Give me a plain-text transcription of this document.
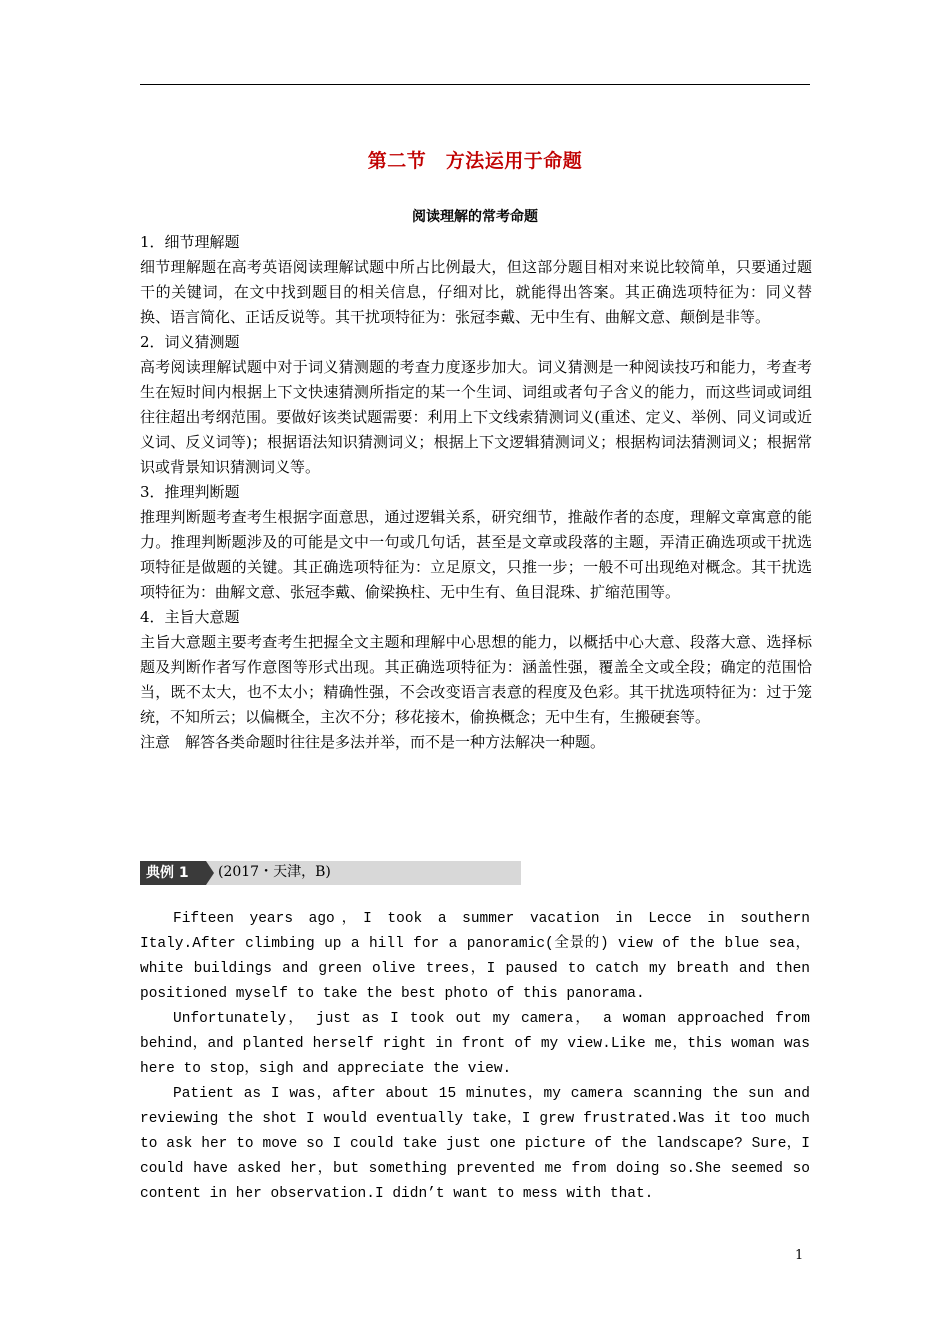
第二节　方法运用于命题
阅读理解的常考命题

1．细节理解题

细节理解题在高考英语阅读理解试题中所占比例最大，但这部分题目相对来说比较简单，只要通过题干的关键词，在文中找到题目的相关信息，仔细对比，就能得出答案。其正确选项特征为：同义替换、语言简化、正话反说等。其干扰项特征为：张冠李戴、无中生有、曲解文意、颠倒是非等。

2．词义猜测题

高考阅读理解试题中对于词义猜测题的考查力度逐步加大。词义猜测是一种阅读技巧和能力，考查考生在短时间内根据上下文快速猜测所指定的某一个生词、词组或者句子含义的能力，而这些词或词组往往超出考纲范围。要做好该类试题需要：利用上下文线索猜测词义(重述、定义、举例、同义词或近义词、反义词等)；根据语法知识猜测词义；根据上下文逻辑猜测词义；根据构词法猜测词义；根据常识或背景知识猜测词义等。

3．推理判断题

推理判断题考查考生根据字面意思，通过逻辑关系，研究细节，推敲作者的态度，理解文章寓意的能力。推理判断题涉及的可能是文中一句或几句话，甚至是文章或段落的主题，弄清正确选项或干扰选项特征是做题的关键。其正确选项特征为：立足原文，只推一步；一般不可出现绝对概念。其干扰选项特征为：曲解文意、张冠李戴、偷梁换柱、无中生有、鱼目混珠、扩缩范围等。

4．主旨大意题

主旨大意题主要考查考生把握全文主题和理解中心思想的能力，以概括中心大意、段落大意、选择标题及判断作者写作意图等形式出现。其正确选项特征为：涵盖性强，覆盖全文或全段；确定的范围恰当，既不太大，也不太小；精确性强，不会改变语言表意的程度及色彩。其干扰选项特征为：过于笼统，不知所云；以偏概全，主次不分；移花接木，偷换概念；无中生有，生搬硬套等。

注意　解答各类命题时往往是多法并举，而不是一种方法解决一种题。

典例 1	(2017・天津，B)

Fifteen years ago，I took a summer vacation in Lecce in southern Italy.After climbing up a hill for a panoramic(全景的) view of the blue sea，white buildings and green olive trees，I paused to catch my breath and then positioned myself to take the best photo of this panorama.

Unfortunately， just as I took out my camera， a woman approached from behind，and planted herself right in front of my view.Like me，this woman was here to stop，sigh and appreciate the view.

Patient as I was，after about 15 minutes，my camera scanning the sun and reviewing the shot I would eventually take，I grew frustrated.Was it too much to ask her to move so I could take just one picture of the landscape? Sure，I could have asked her，but something prevented me from doing so.She seemed so content in her observation.I didn’t want to mess with that.

1
